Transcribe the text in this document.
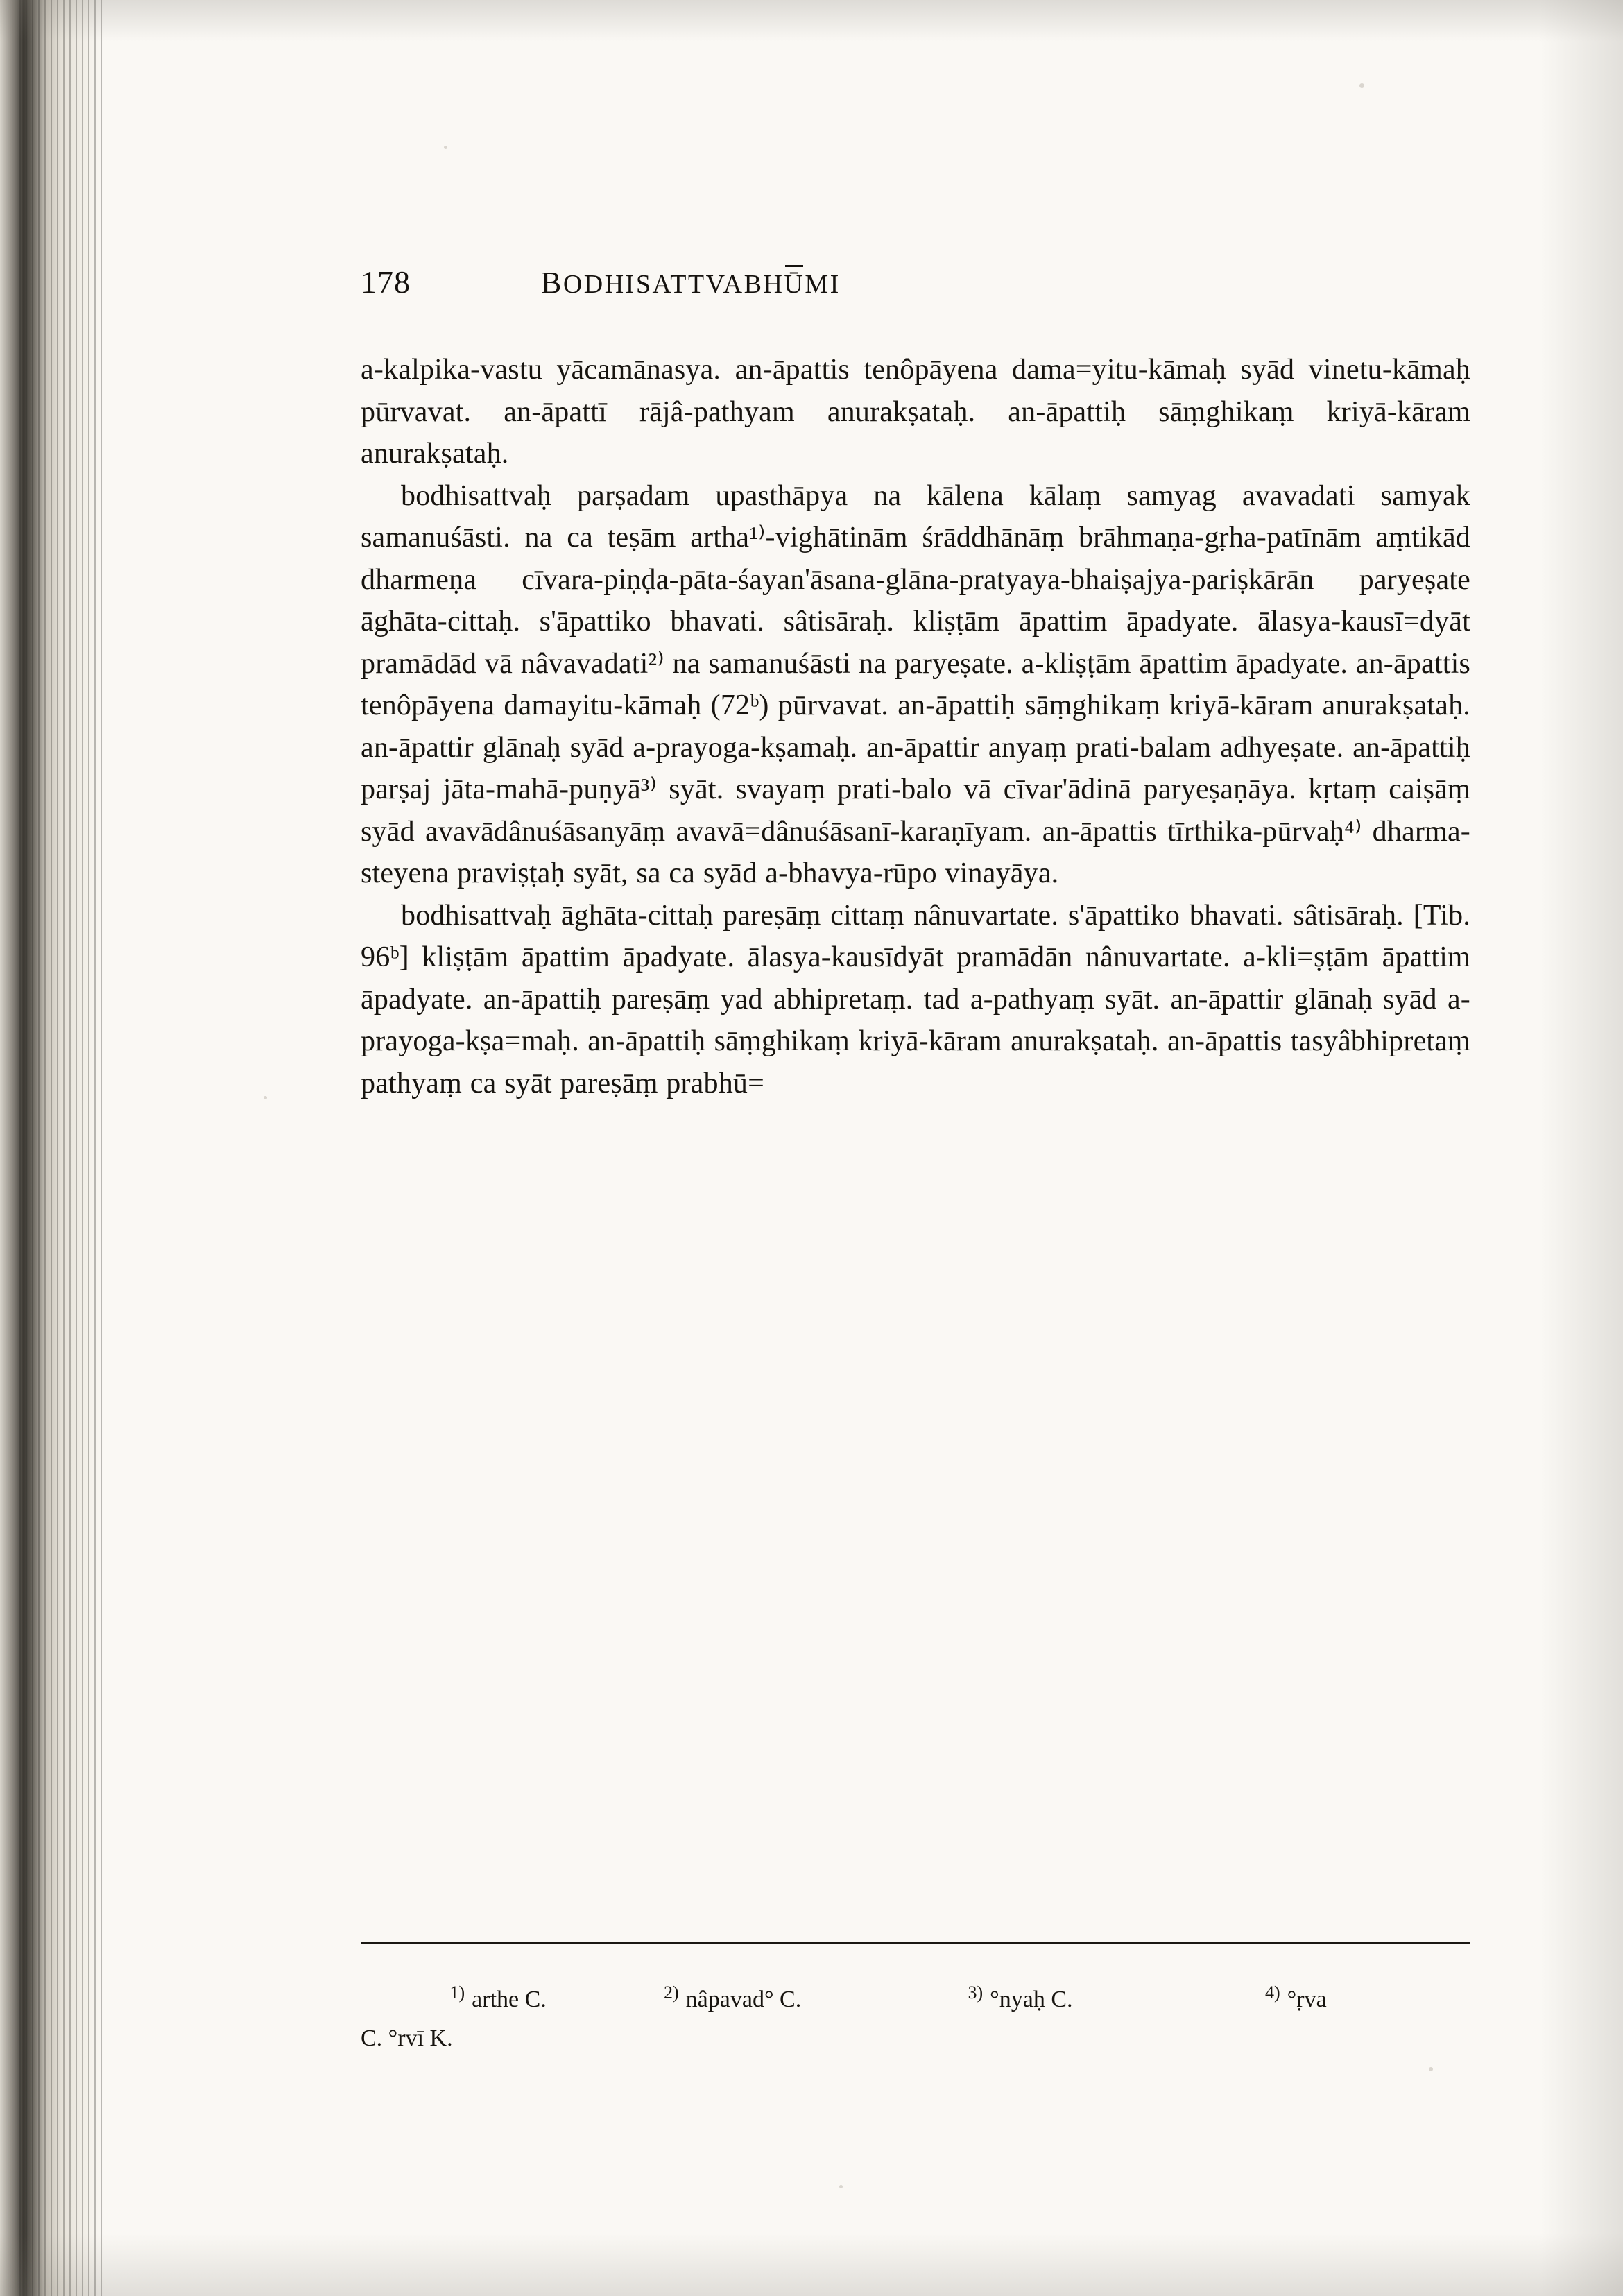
178	BODHISATTVABHŪMI

a-kalpika-vastu yācamānasya. an-āpattis tenôpāyena dama=yitu-kāmaḥ syād vinetu-kāmaḥ pūrvavat. an-āpattī rājâ-pathyam anurakṣataḥ. an-āpattiḥ sāṃghikaṃ kriyā-kāram anurakṣataḥ.

bodhisattvaḥ parṣadam upasthāpya na kālena kālaṃ samyag avavadati samyak samanuśāsti. na ca teṣām artha¹⁾-vighātinām śrāddhānāṃ brāhmaṇa-gṛha-patīnām aṃtikād dharmeṇa cīvara-piṇḍa-pāta-śayan'āsana-glāna-pratyaya-bhaiṣajya-pariṣkārān paryeṣate āghāta-cittaḥ. s'āpattiko bhavati. sâtisāraḥ. kliṣṭām āpattim āpadyate. ālasya-kausī=dyāt pramādād vā nâvavadati²⁾ na samanuśāsti na paryeṣate. a-kliṣṭām āpattim āpadyate. an-āpattis tenôpāyena damayitu-kāmaḥ (72ᵇ) pūrvavat. an-āpattiḥ sāṃghikaṃ kriyā-kāram anurakṣataḥ. an-āpattir glānaḥ syād a-prayoga-kṣamaḥ. an-āpattir anyaṃ prati-balam adhyeṣate. an-āpattiḥ parṣaj jāta-mahā-puṇyā³⁾ syāt. svayaṃ prati-balo vā cīvar'ādinā paryeṣaṇāya. kṛtaṃ caiṣāṃ syād avavādânuśāsanyāṃ avavā=dânuśāsanī-karaṇīyam. an-āpattis tīrthika-pūrvaḥ⁴⁾ dharma-steyena praviṣṭaḥ syāt, sa ca syād a-bhavya-rūpo vinayāya.

bodhisattvaḥ āghāta-cittaḥ pareṣāṃ cittaṃ nânuvartate. s'āpattiko bhavati. sâtisāraḥ. [Tib. 96ᵇ] kliṣṭām āpattim āpadyate. ālasya-kausīdyāt pramādān nânuvartate. a-kli=ṣṭām āpattim āpadyate. an-āpattiḥ pareṣāṃ yad abhipretaṃ. tad a-pathyaṃ syāt. an-āpattir glānaḥ syād a-prayoga-kṣa=maḥ. an-āpattiḥ sāṃghikaṃ kriyā-kāram anurakṣataḥ. an-āpattis tasyâbhipretaṃ pathyaṃ ca syāt pareṣāṃ prabhū=

$^{1)}$ arthe C.	$^{2)}$ nâpavad° C.	$^{3)}$ °nyaḥ C.	$^{4)}$ °ṛva
C. °rvī K.
